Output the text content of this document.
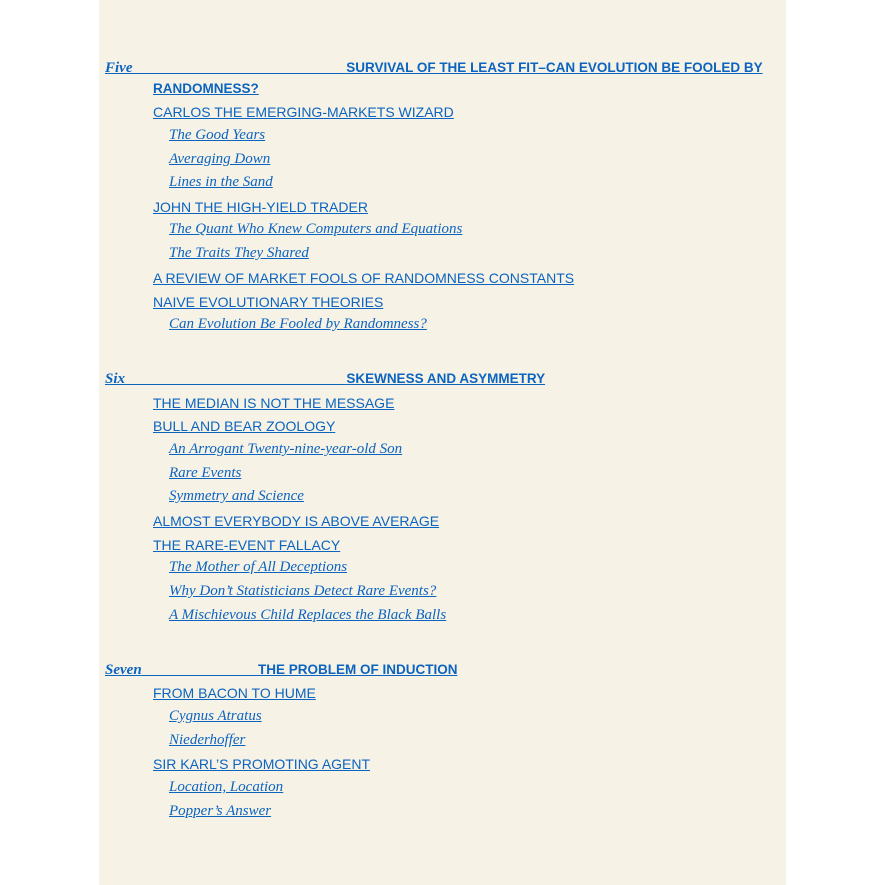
Five	SURVIVAL OF THE LEAST FIT–CAN EVOLUTION BE FOOLED BY
RANDOMNESS?
CARLOS THE EMERGING-MARKETS WIZARD
The Good Years
Averaging Down
Lines in the Sand
JOHN THE HIGH-YIELD TRADER
The Quant Who Knew Computers and Equations
The Traits They Shared
A REVIEW OF MARKET FOOLS OF RANDOMNESS CONSTANTS
NAIVE EVOLUTIONARY THEORIES
Can Evolution Be Fooled by Randomness?
Six	SKEWNESS AND ASYMMETRY
THE MEDIAN IS NOT THE MESSAGE
BULL AND BEAR ZOOLOGY
An Arrogant Twenty-nine-year-old Son
Rare Events
Symmetry and Science
ALMOST EVERYBODY IS ABOVE AVERAGE
THE RARE-EVENT FALLACY
The Mother of All Deceptions
Why Don’t Statisticians Detect Rare Events?
A Mischievous Child Replaces the Black Balls
Seven	THE PROBLEM OF INDUCTION
FROM BACON TO HUME
Cygnus Atratus
Niederhoffer
SIR KARL’S PROMOTING AGENT
Location, Location
Popper’s Answer
